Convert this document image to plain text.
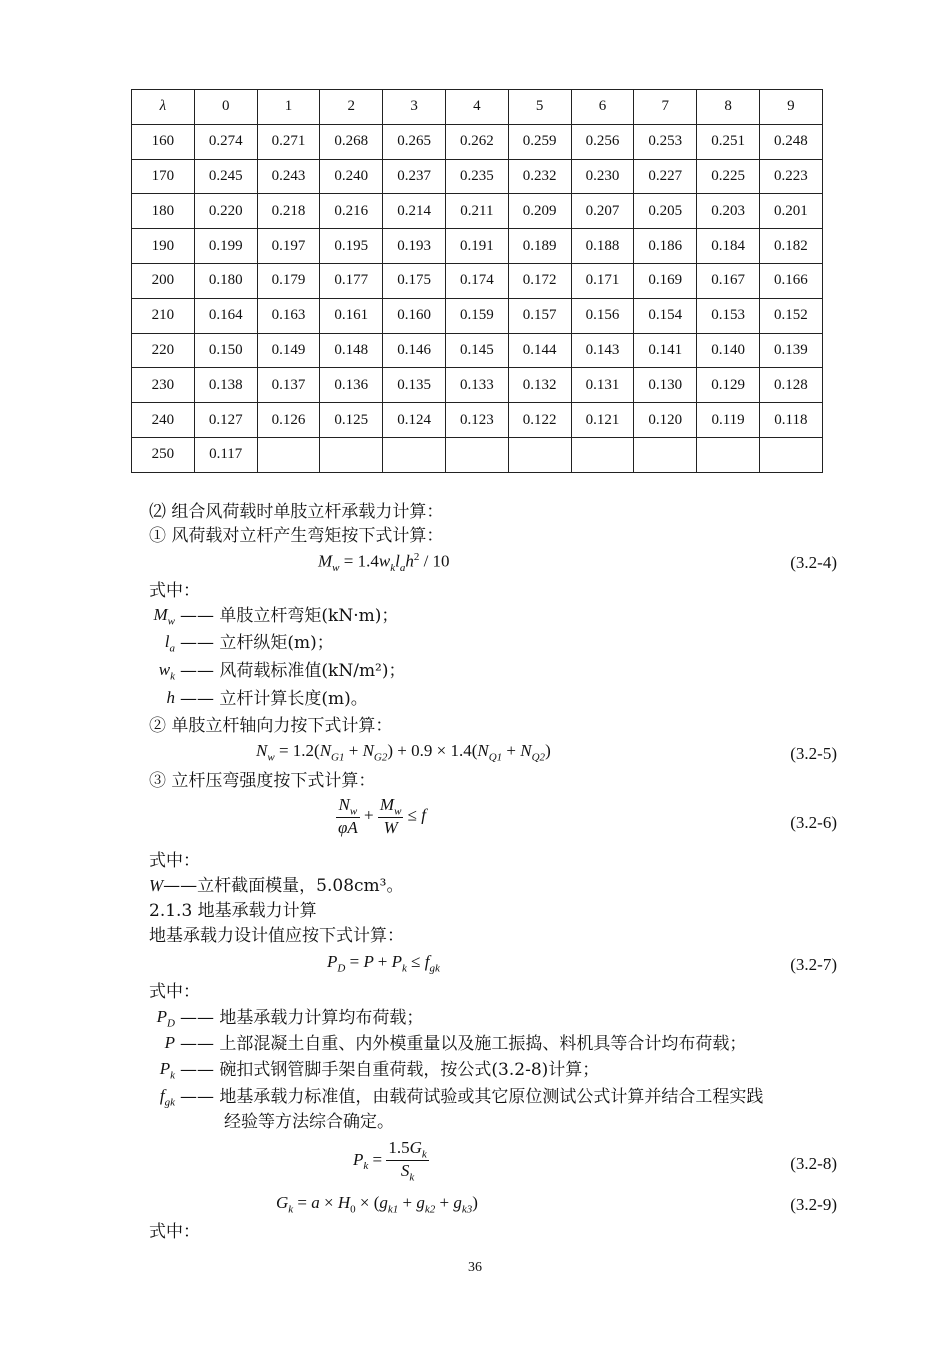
λ	0	1	2	3	4	5	6	7	8	9
160	0.274	0.271	0.268	0.265	0.262	0.259	0.256	0.253	0.251	0.248
170	0.245	0.243	0.240	0.237	0.235	0.232	0.230	0.227	0.225	0.223
180	0.220	0.218	0.216	0.214	0.211	0.209	0.207	0.205	0.203	0.201
190	0.199	0.197	0.195	0.193	0.191	0.189	0.188	0.186	0.184	0.182
200	0.180	0.179	0.177	0.175	0.174	0.172	0.171	0.169	0.167	0.166
210	0.164	0.163	0.161	0.160	0.159	0.157	0.156	0.154	0.153	0.152
220	0.150	0.149	0.148	0.146	0.145	0.144	0.143	0.141	0.140	0.139
230	0.138	0.137	0.136	0.135	0.133	0.132	0.131	0.130	0.129	0.128
240	0.127	0.126	0.125	0.124	0.123	0.122	0.121	0.120	0.119	0.118
250	0.117									
⑵ 组合风荷载时单肢立杆承载力计算：
① 风荷载对立杆产生弯矩按下式计算：
$M_w = 1.4w_kl_ah^2 / 10$	(3.2-4)
式中：
$M_w$ —— 单肢立杆弯矩(kN·m)；
$l_a$ —— 立杆纵矩(m)；
$w_k$ —— 风荷载标准值(kN/m²)；
h —— 立杆计算长度(m)。
② 单肢立杆轴向力按下式计算：
$N_w = 1.2(N_{G1} + N_{G2}) + 0.9 \times 1.4(N_{Q1} + N_{Q2})$	(3.2-5)
③ 立杆压弯强度按下式计算：
$\frac{N_w}{\varphi A} + \frac{M_w}{W} \le f$	(3.2-6)
式中：
W——立杆截面模量，5.08cm³。
2.1.3 地基承载力计算
地基承载力设计值应按下式计算：
$P_D = P + P_k \le f_{gk}$	(3.2-7)
式中：
$P_D$ —— 地基承载力计算均布荷载；
P —— 上部混凝土自重、内外模重量以及施工振捣、料机具等合计均布荷载；
$P_k$ —— 碗扣式钢管脚手架自重荷载，按公式(3.2-8)计算；
$f_{gk}$ —— 地基承载力标准值，由载荷试验或其它原位测试公式计算并结合工程实践
经验等方法综合确定。
$P_k = \frac{1.5G_k}{S_k}$	(3.2-8)
$G_k = a \times H_0 \times (g_{k1} + g_{k2} + g_{k3})$	(3.2-9)
式中：
36
